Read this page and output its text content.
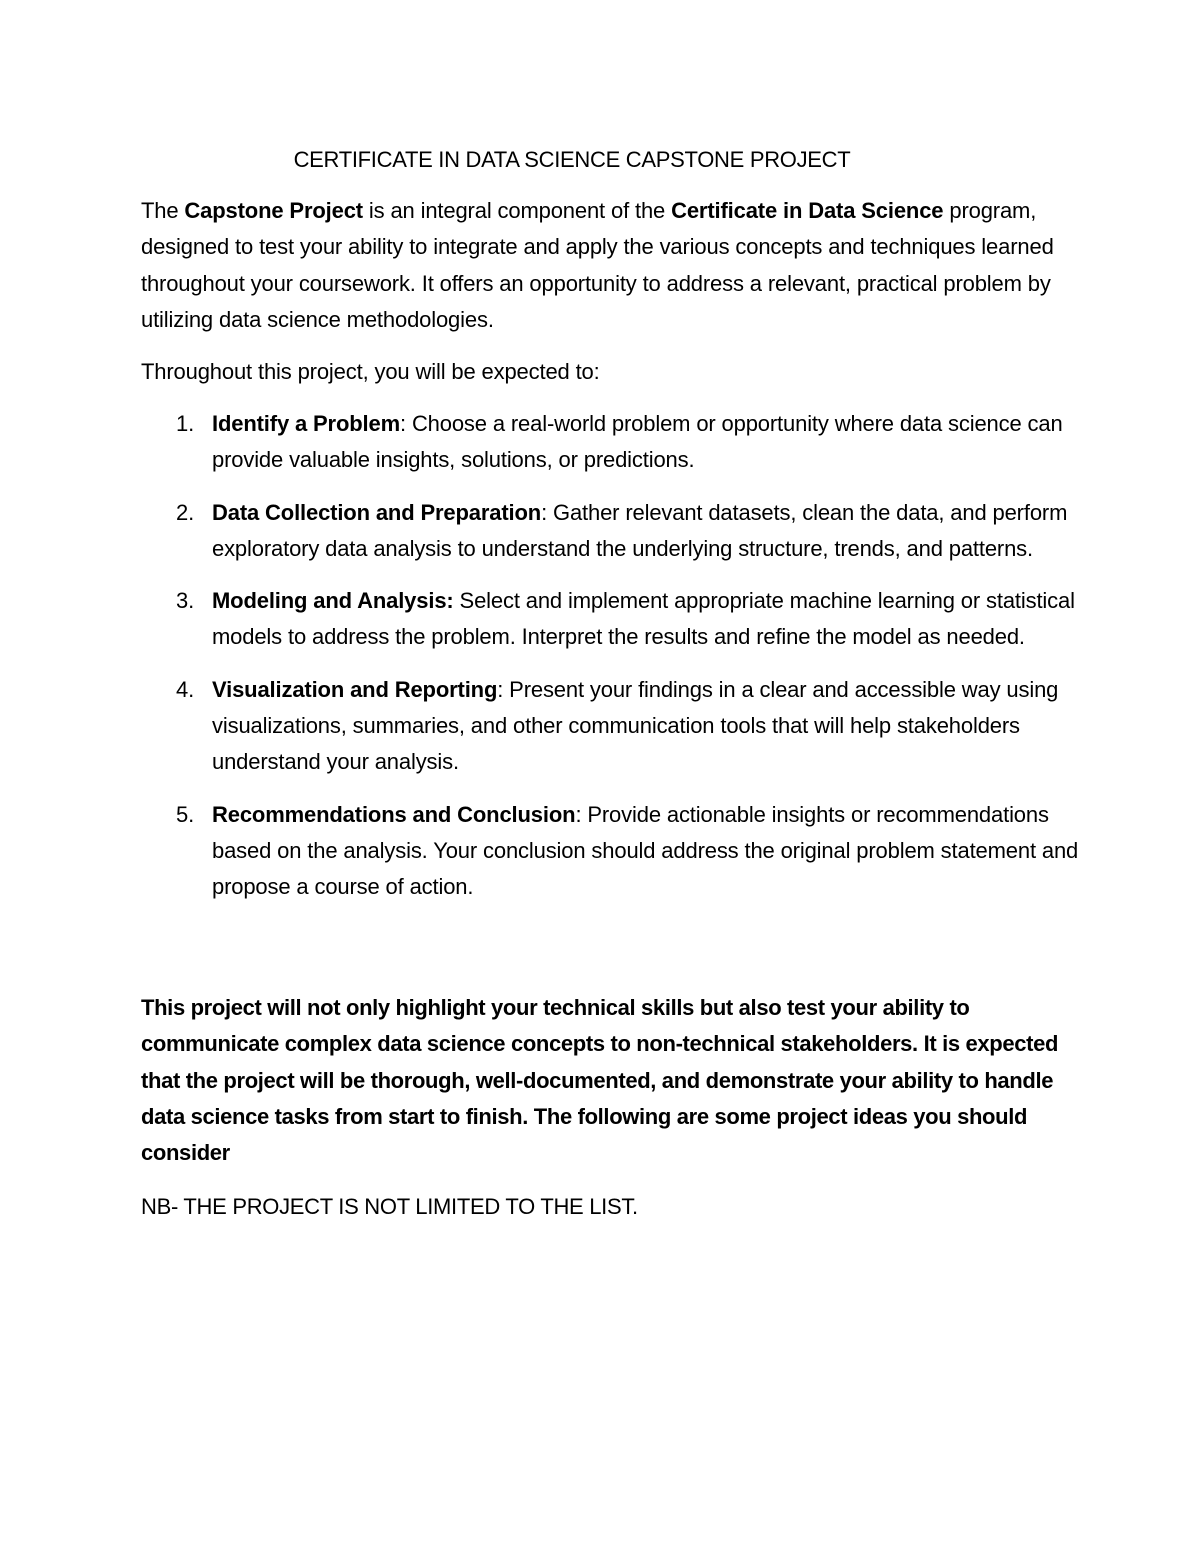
CERTIFICATE IN DATA SCIENCE CAPSTONE PROJECT

The Capstone Project is an integral component of the Certificate in Data Science program, designed to test your ability to integrate and apply the various concepts and techniques learned throughout your coursework. It offers an opportunity to address a relevant, practical problem by utilizing data science methodologies.

Throughout this project, you will be expected to:

1. Identify a Problem: Choose a real-world problem or opportunity where data science can provide valuable insights, solutions, or predictions.
2. Data Collection and Preparation: Gather relevant datasets, clean the data, and perform exploratory data analysis to understand the underlying structure, trends, and patterns.
3. Modeling and Analysis: Select and implement appropriate machine learning or statistical models to address the problem. Interpret the results and refine the model as needed.
4. Visualization and Reporting: Present your findings in a clear and accessible way using visualizations, summaries, and other communication tools that will help stakeholders understand your analysis.
5. Recommendations and Conclusion: Provide actionable insights or recommendations based on the analysis. Your conclusion should address the original problem statement and propose a course of action.

This project will not only highlight your technical skills but also test your ability to communicate complex data science concepts to non-technical stakeholders. It is expected that the project will be thorough, well-documented, and demonstrate your ability to handle data science tasks from start to finish. The following are some project ideas you should consider

NB- THE PROJECT IS NOT LIMITED TO THE LIST.
